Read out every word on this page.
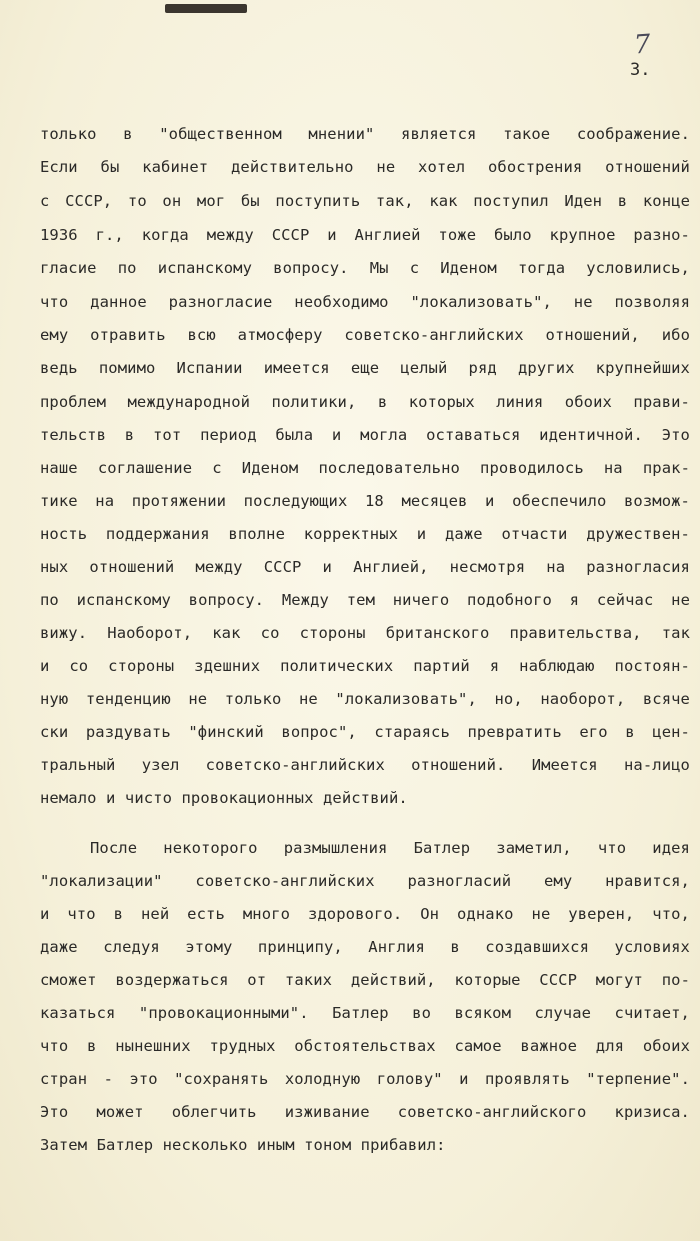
7
3.
только в "общественном мнении" является такое соображение.
Если бы кабинет действительно не хотел обострения отношений
с СССР, то он мог бы поступить так, как поступил Иден в конце
1936 г., когда между СССР и Англией тоже было крупное разно-
гласие по испанскому вопросу. Мы с Иденом тогда условились,
что данное разногласие необходимо "локализовать", не позволяя
ему отравить всю атмосферу советско-английских отношений, ибо
ведь помимо Испании имеется еще целый ряд других крупнейших
проблем международной политики, в которых линия обоих прави-
тельств в тот период была и могла оставаться идентичной. Это
наше соглашение с Иденом последовательно проводилось на прак-
тике на протяжении последующих 18 месяцев и обеспечило возмож-
ность поддержания вполне корректных и даже отчасти дружествен-
ных отношений между СССР и Англией, несмотря на разногласия
по испанскому вопросу. Между тем ничего подобного я сейчас не
вижу. Наоборот, как со стороны британского правительства, так
и со стороны здешних политических партий я наблюдаю постоян-
ную тенденцию не только не "локализовать", но, наоборот, всяче
ски раздувать "финский вопрос", стараясь превратить его в цен-
тральный узел советско-английских отношений. Имеется на-лицо
немало и чисто провокационных действий.
После некоторого размышления Батлер заметил, что идея
"локализации" советско-английских разногласий ему нравится,
и что в ней есть много здорового. Он однако не уверен, что,
даже следуя этому принципу, Англия в создавшихся условиях
сможет воздержаться от таких действий, которые СССР могут по-
казаться "провокационными". Батлер во всяком случае считает,
что в нынешних трудных обстоятельствах самое важное для обоих
стран - это "сохранять холодную голову" и проявлять "терпение".
Это может облегчить изживание советско-английского кризиса.
Затем Батлер несколько иным тоном прибавил:
